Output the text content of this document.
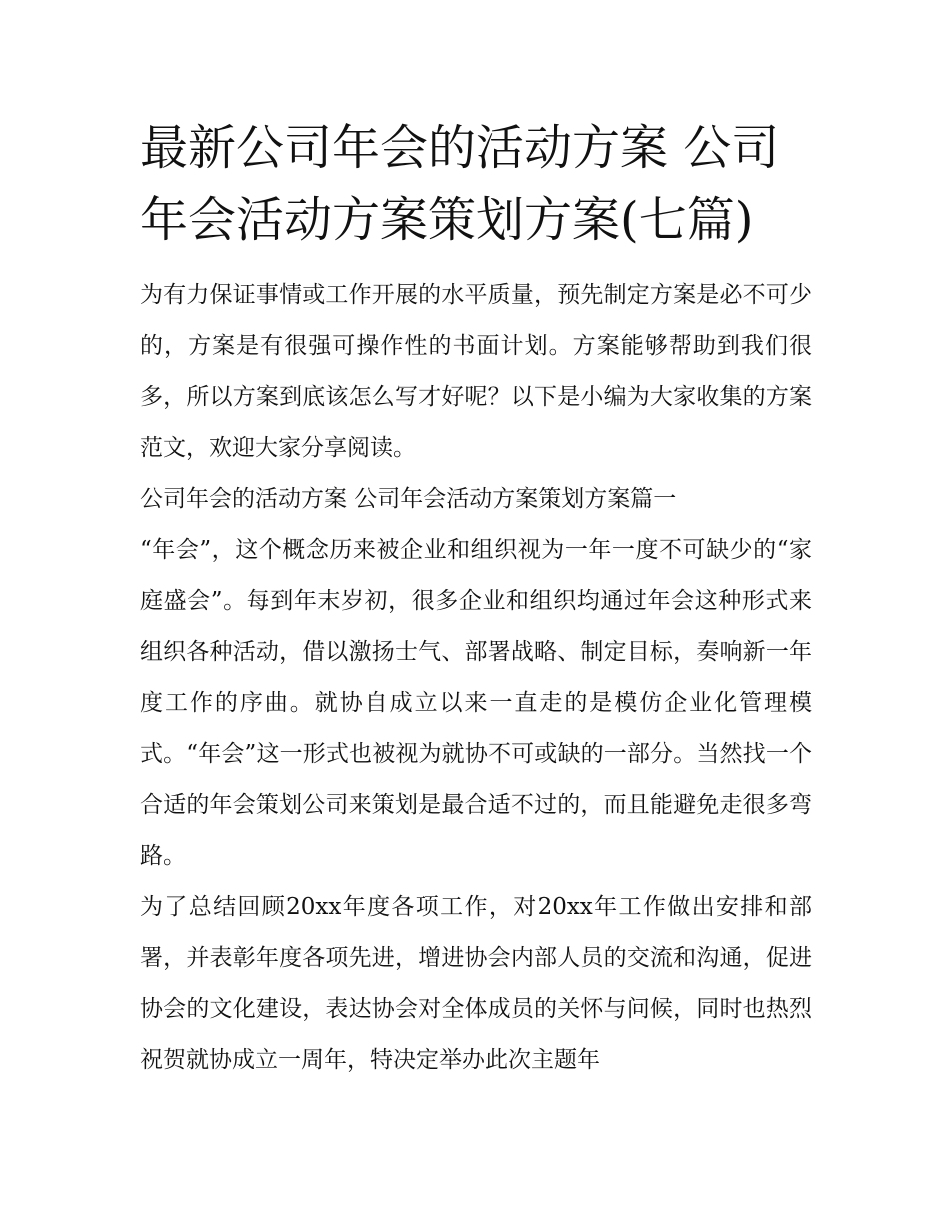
最新公司年会的活动方案 公司年会活动方案策划方案(七篇)

为有力保证事情或工作开展的水平质量，预先制定方案是必不可少的，方案是有很强可操作性的书面计划。方案能够帮助到我们很多，所以方案到底该怎么写才好呢？以下是小编为大家收集的方案范文，欢迎大家分享阅读。

公司年会的活动方案 公司年会活动方案策划方案篇一

“年会”，这个概念历来被企业和组织视为一年一度不可缺少的“家庭盛会”。每到年末岁初，很多企业和组织均通过年会这种形式来组织各种活动，借以激扬士气、部署战略、制定目标，奏响新一年度工作的序曲。就协自成立以来一直走的是模仿企业化管理模式。“年会”这一形式也被视为就协不可或缺的一部分。当然找一个合适的年会策划公司来策划是最合适不过的，而且能避免走很多弯路。

为了总结回顾20xx年度各项工作，对20xx年工作做出安排和部署，并表彰年度各项先进，增进协会内部人员的交流和沟通，促进协会的文化建设，表达协会对全体成员的关怀与问候，同时也热烈祝贺就协成立一周年，特决定举办此次主题年
